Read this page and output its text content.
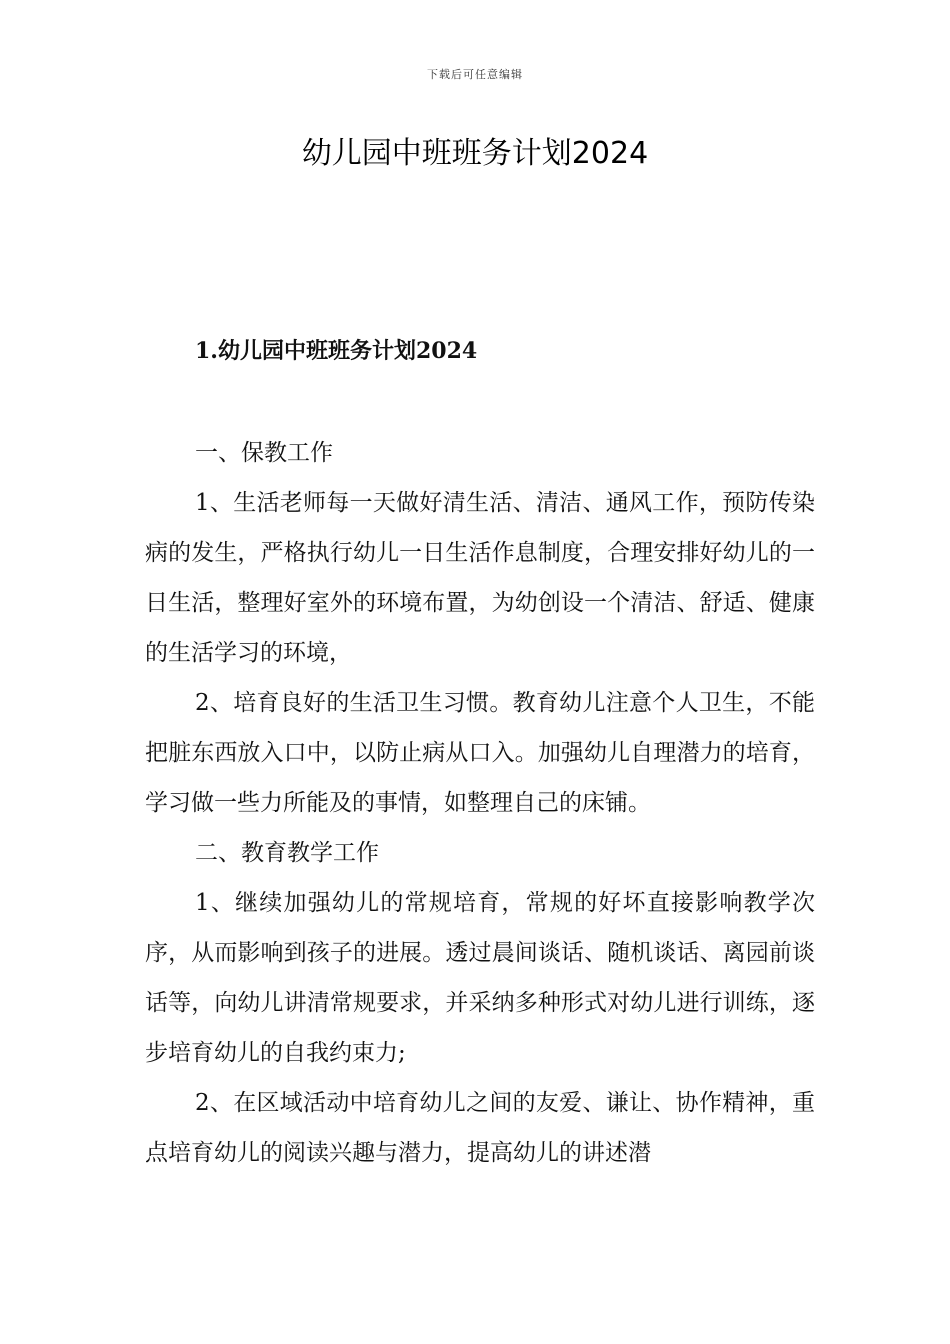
下载后可任意编辑
幼儿园中班班务计划2024
1.幼儿园中班班务计划2024

一、保教工作

1、生活老师每一天做好清生活、清洁、通风工作，预防传染病的发生，严格执行幼儿一日生活作息制度，合理安排好幼儿的一日生活，整理好室外的环境布置，为幼创设一个清洁、舒适、健康的生活学习的环境，

2、培育良好的生活卫生习惯。教育幼儿注意个人卫生，不能把脏东西放入口中，以防止病从口入。加强幼儿自理潜力的培育，学习做一些力所能及的事情，如整理自己的床铺。

二、教育教学工作

1、继续加强幼儿的常规培育，常规的好坏直接影响教学次序，从而影响到孩子的进展。透过晨间谈话、随机谈话、离园前谈话等，向幼儿讲清常规要求，并采纳多种形式对幼儿进行训练，逐步培育幼儿的自我约束力;

2、在区域活动中培育幼儿之间的友爱、谦让、协作精神，重点培育幼儿的阅读兴趣与潜力，提高幼儿的讲述潜
